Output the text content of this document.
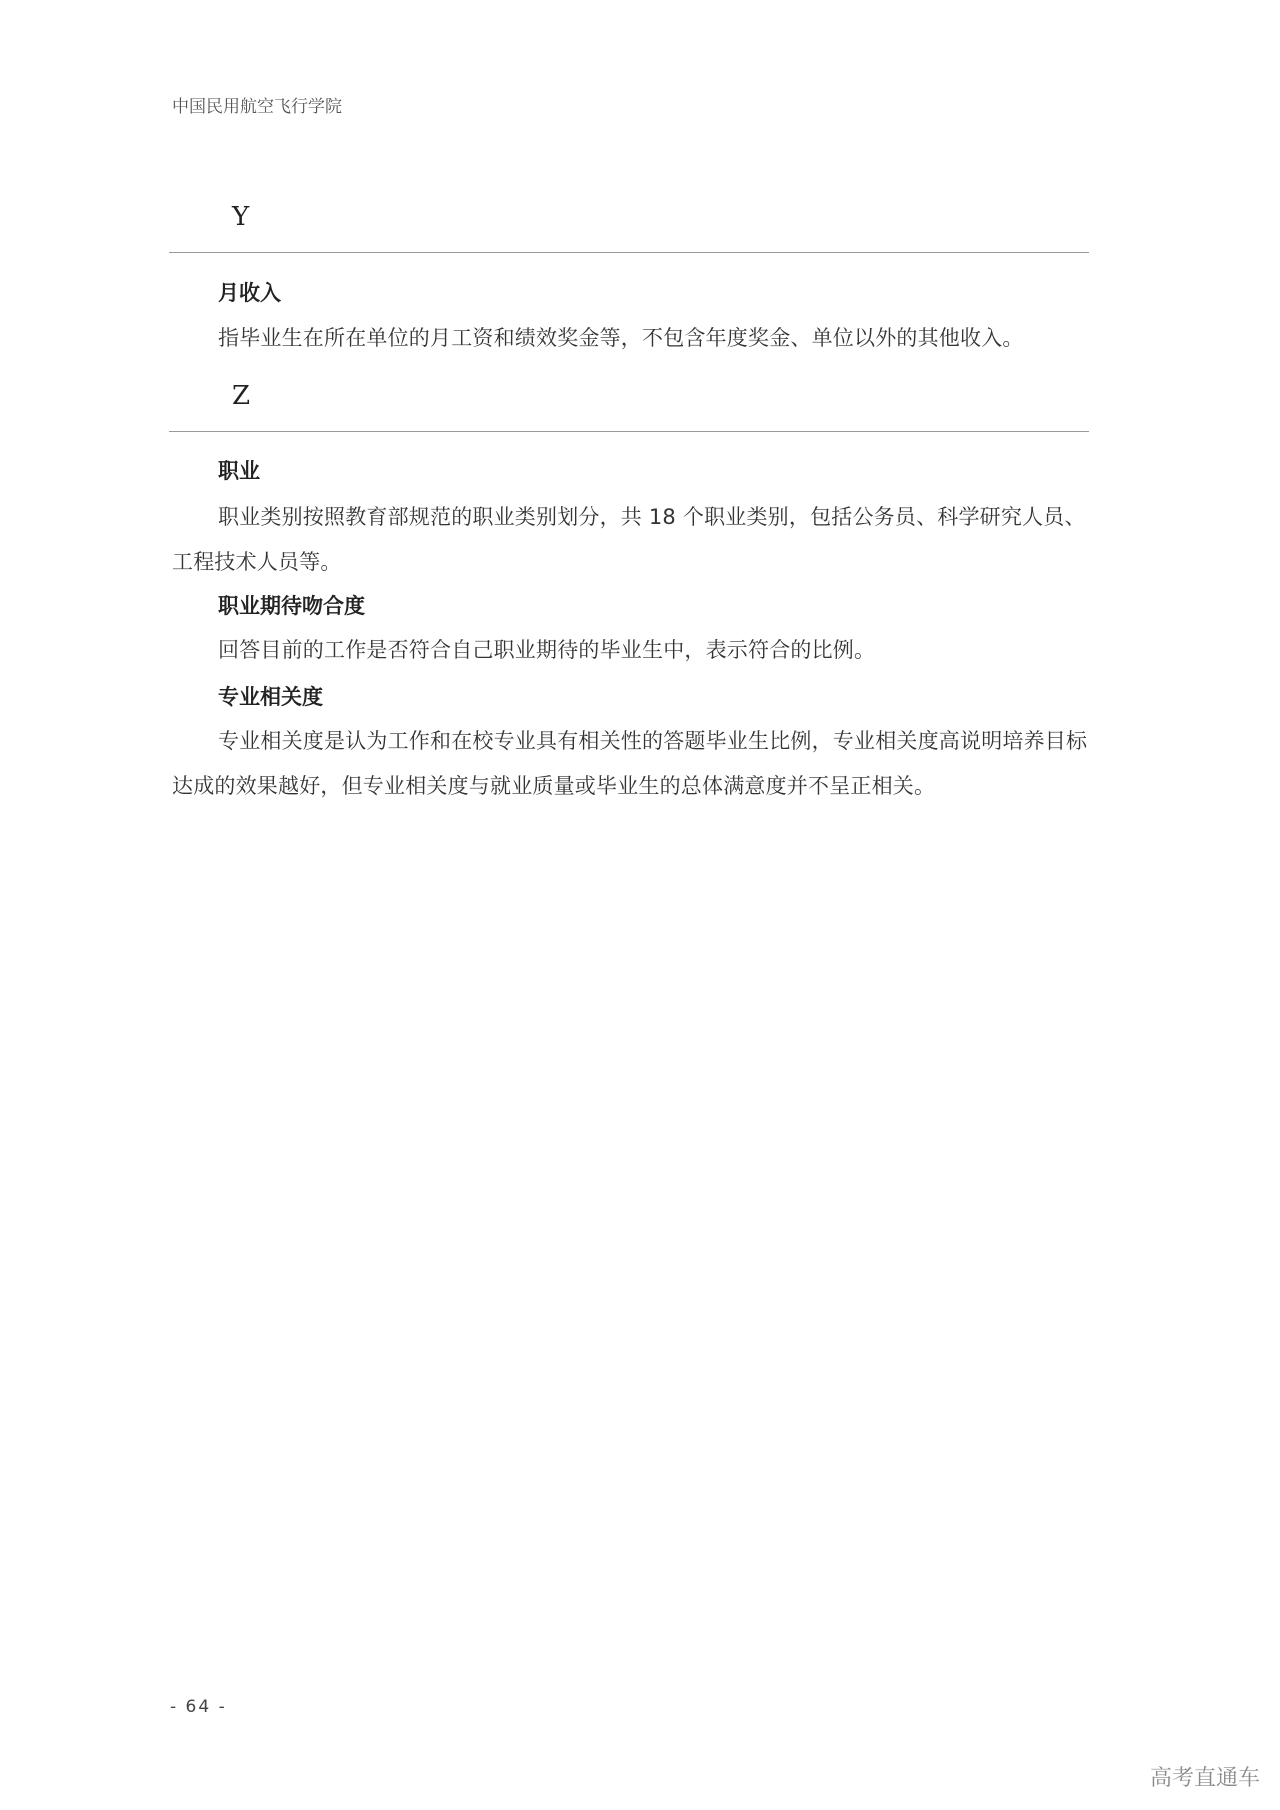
中国民用航空飞行学院
Y
月收入
指毕业生在所在单位的月工资和绩效奖金等，不包含年度奖金、单位以外的其他收入。
Z
职业
职业类别按照教育部规范的职业类别划分，共 18 个职业类别，包括公务员、科学研究人员、工程技术人员等。
职业期待吻合度
回答目前的工作是否符合自己职业期待的毕业生中，表示符合的比例。
专业相关度
专业相关度是认为工作和在校专业具有相关性的答题毕业生比例，专业相关度高说明培养目标达成的效果越好，但专业相关度与就业质量或毕业生的总体满意度并不呈正相关。
- 64 -
高考直通车
